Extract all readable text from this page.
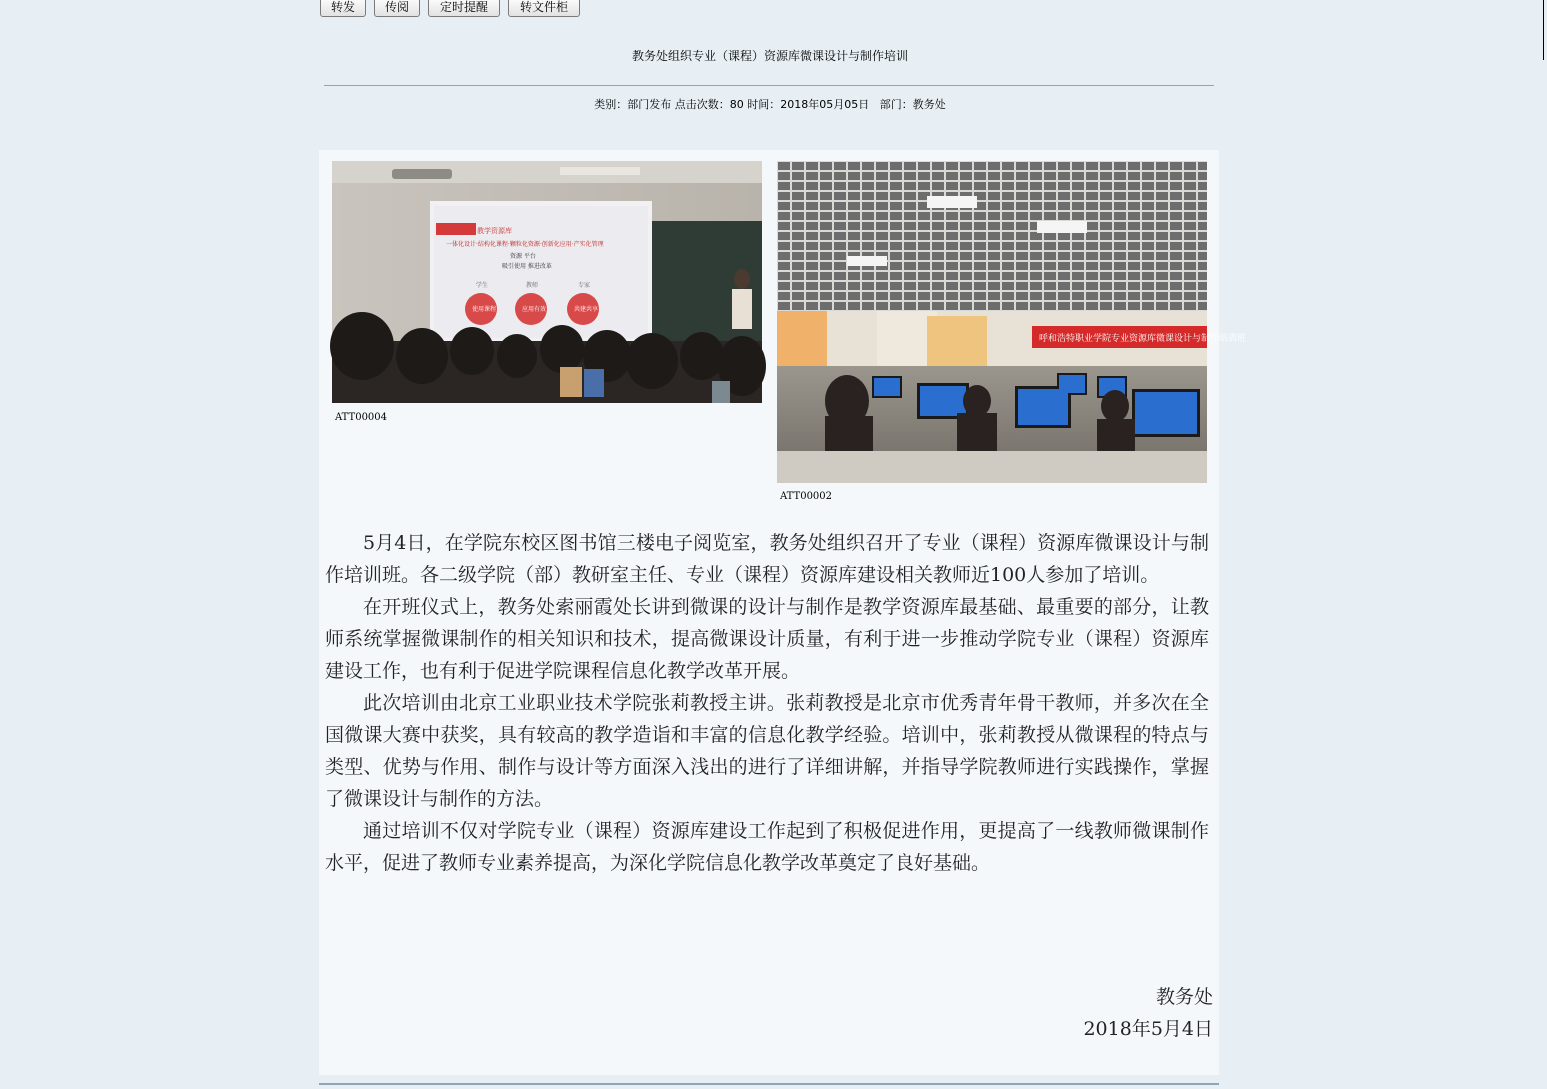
转发	传阅	定时提醒	转文件柜
教务处组织专业（课程）资源库微课设计与制作培训
类别：部门发布 点击次数：80 时间：2018年05月05日   部门：教务处
教学资源库
一体化设计·结构化课程·颗粒化资源·创新化应用·产实化管理
资源 平台
吸引使用 推进改革
学生	教师	专家
使用课程	应用有效	共建共享
ATT00004
呼和浩特职业学院专业资源库微课设计与制作培训班
ATT00002

5月4日，在学院东校区图书馆三楼电子阅览室，教务处组织召开了专业（课程）资源库微课设计与制作培训班。各二级学院（部）教研室主任、专业（课程）资源库建设相关教师近100人参加了培训。

在开班仪式上，教务处索丽霞处长讲到微课的设计与制作是教学资源库最基础、最重要的部分，让教师系统掌握微课制作的相关知识和技术，提高微课设计质量，有利于进一步推动学院专业（课程）资源库建设工作，也有利于促进学院课程信息化教学改革开展。

此次培训由北京工业职业技术学院张莉教授主讲。张莉教授是北京市优秀青年骨干教师，并多次在全国微课大赛中获奖，具有较高的教学造诣和丰富的信息化教学经验。培训中，张莉教授从微课程的特点与类型、优势与作用、制作与设计等方面深入浅出的进行了详细讲解，并指导学院教师进行实践操作，掌握了微课设计与制作的方法。

通过培训不仅对学院专业（课程）资源库建设工作起到了积极促进作用，更提高了一线教师微课制作水平，促进了教师专业素养提高，为深化学院信息化教学改革奠定了良好基础。

教务处
2018年5月4日
